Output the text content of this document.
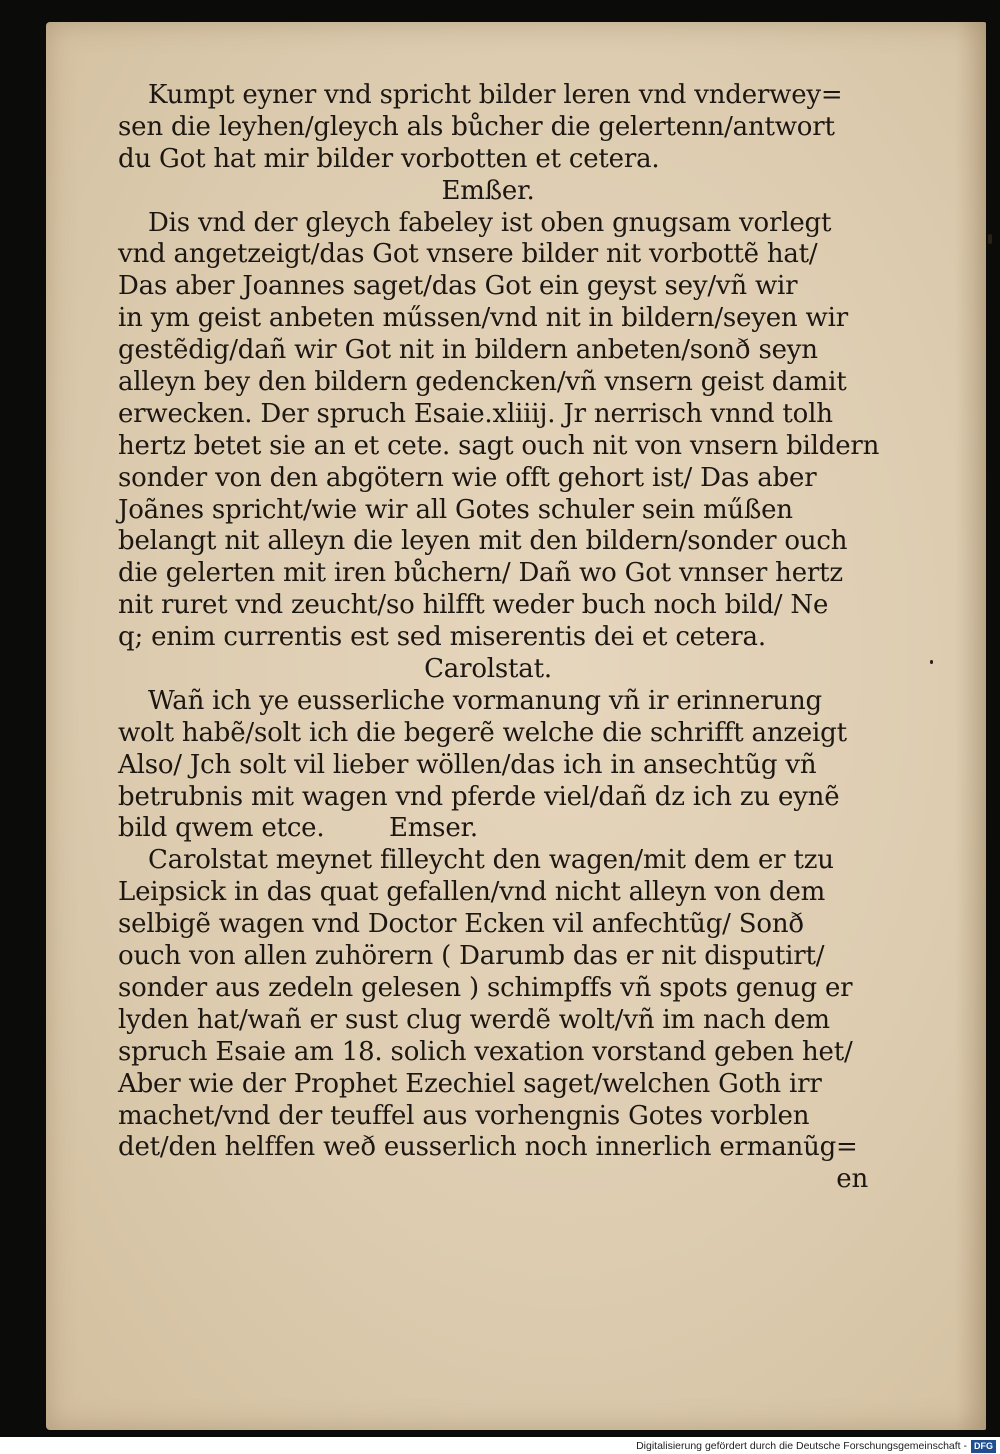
Kumpt eyner vnd spricht bilder leren vnd vnderwey=
sen die leyhen/gleych als bůcher die gelertenn/antwort
du Got hat mir bilder vorbotten et cetera.
Emßer.
Dis vnd der gleych fabeley ist oben gnugsam vorlegt
vnd angetzeigt/das Got vnsere bilder nit vorbottẽ hat/
Das aber Joannes saget/das Got ein geyst sey/vñ wir
in ym geist anbeten műssen/vnd nit in bildern/seyen wir
gestẽdig/dañ wir Got nit in bildern anbeten/sonð seyn
alleyn bey den bildern gedencken/vñ vnsern geist damit
erwecken. Der spruch Esaie.xliiij. Jr nerrisch vnnd tolh
hertz betet sie an et cete. sagt ouch nit von vnsern bildern
sonder von den abgötern wie offt gehort ist/ Das aber
Joãnes spricht/wie wir all Gotes schuler sein műßen
belangt nit alleyn die leyen mit den bildern/sonder ouch
die gelerten mit iren bůchern/ Dañ wo Got vnnser hertz
nit ruret vnd zeucht/so hilfft weder buch noch bild/ Ne
q; enim currentis est sed miserentis dei et cetera.
Carolstat.
Wañ ich ye eusserliche vormanung vñ ir erinnerung
wolt habẽ/solt ich die begerẽ welche die schrifft anzeigt
Also/ Jch solt vil lieber wöllen/das ich in ansechtũg vñ
betrubnis mit wagen vnd pferde viel/dañ dz ich zu eynẽ
bild qwem etce.        Emser.
Carolstat meynet filleycht den wagen/mit dem er tzu
Leipsick in das quat gefallen/vnd nicht alleyn von dem
selbigẽ wagen vnd Doctor Ecken vil anfechtũg/ Sonð
ouch von allen zuhörern ( Darumb das er nit disputirt/
sonder aus zedeln gelesen ) schimpffs vñ spots genug er
lyden hat/wañ er sust clug werdẽ wolt/vñ im nach dem
spruch Esaie am 18. solich vexation vorstand geben het/
Aber wie der Prophet Ezechiel saget/welchen Goth irr
machet/vnd der teuffel aus vorhengnis Gotes vorblen
det/den helffen weð eusserlich noch innerlich ermanũg=
en
Digitalisierung gefördert durch die Deutsche Forschungsgemeinschaft - DFG
